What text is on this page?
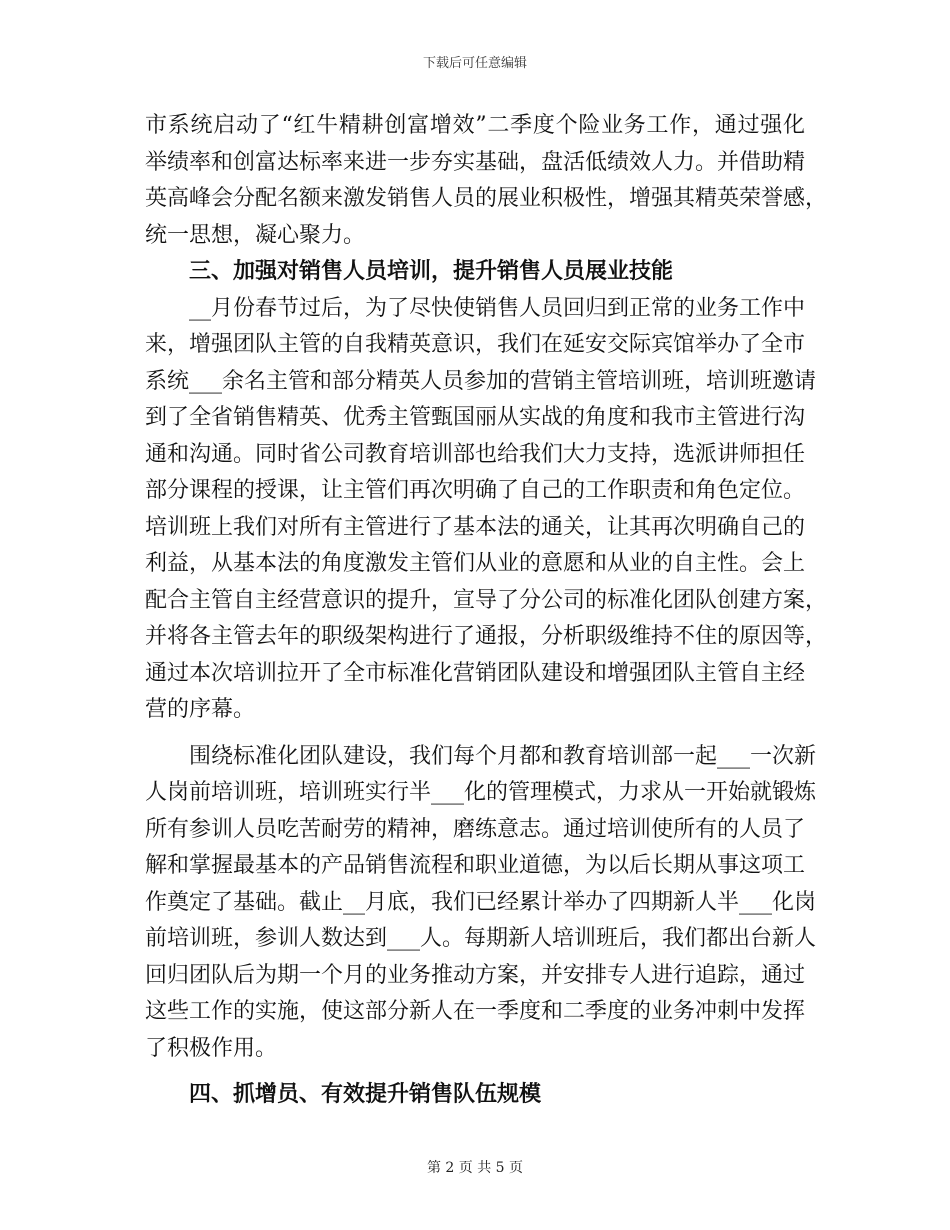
下载后可任意编辑
市系统启动了“红牛精耕创富增效”二季度个险业务工作，通过强化
举绩率和创富达标率来进一步夯实基础，盘活低绩效人力。并借助精
英高峰会分配名额来激发销售人员的展业积极性，增强其精英荣誉感，
统一思想，凝心聚力。
三、加强对销售人员培训，提升销售人员展业技能
__月份春节过后，为了尽快使销售人员回归到正常的业务工作中
来，增强团队主管的自我精英意识，我们在延安交际宾馆举办了全市
系统___余名主管和部分精英人员参加的营销主管培训班，培训班邀请
到了全省销售精英、优秀主管甄国丽从实战的角度和我市主管进行沟
通和沟通。同时省公司教育培训部也给我们大力支持，选派讲师担任
部分课程的授课，让主管们再次明确了自己的工作职责和角色定位。
培训班上我们对所有主管进行了基本法的通关，让其再次明确自己的
利益，从基本法的角度激发主管们从业的意愿和从业的自主性。会上
配合主管自主经营意识的提升，宣导了分公司的标准化团队创建方案，
并将各主管去年的职级架构进行了通报，分析职级维持不住的原因等，
通过本次培训拉开了全市标准化营销团队建设和增强团队主管自主经
营的序幕。
围绕标准化团队建设，我们每个月都和教育培训部一起___一次新
人岗前培训班，培训班实行半___化的管理模式，力求从一开始就锻炼
所有参训人员吃苦耐劳的精神，磨练意志。通过培训使所有的人员了
解和掌握最基本的产品销售流程和职业道德，为以后长期从事这项工
作奠定了基础。截止__月底，我们已经累计举办了四期新人半___化岗
前培训班，参训人数达到___人。每期新人培训班后，我们都出台新人
回归团队后为期一个月的业务推动方案，并安排专人进行追踪，通过
这些工作的实施，使这部分新人在一季度和二季度的业务冲刺中发挥
了积极作用。
四、抓增员、有效提升销售队伍规模
第 2 页 共 5 页
